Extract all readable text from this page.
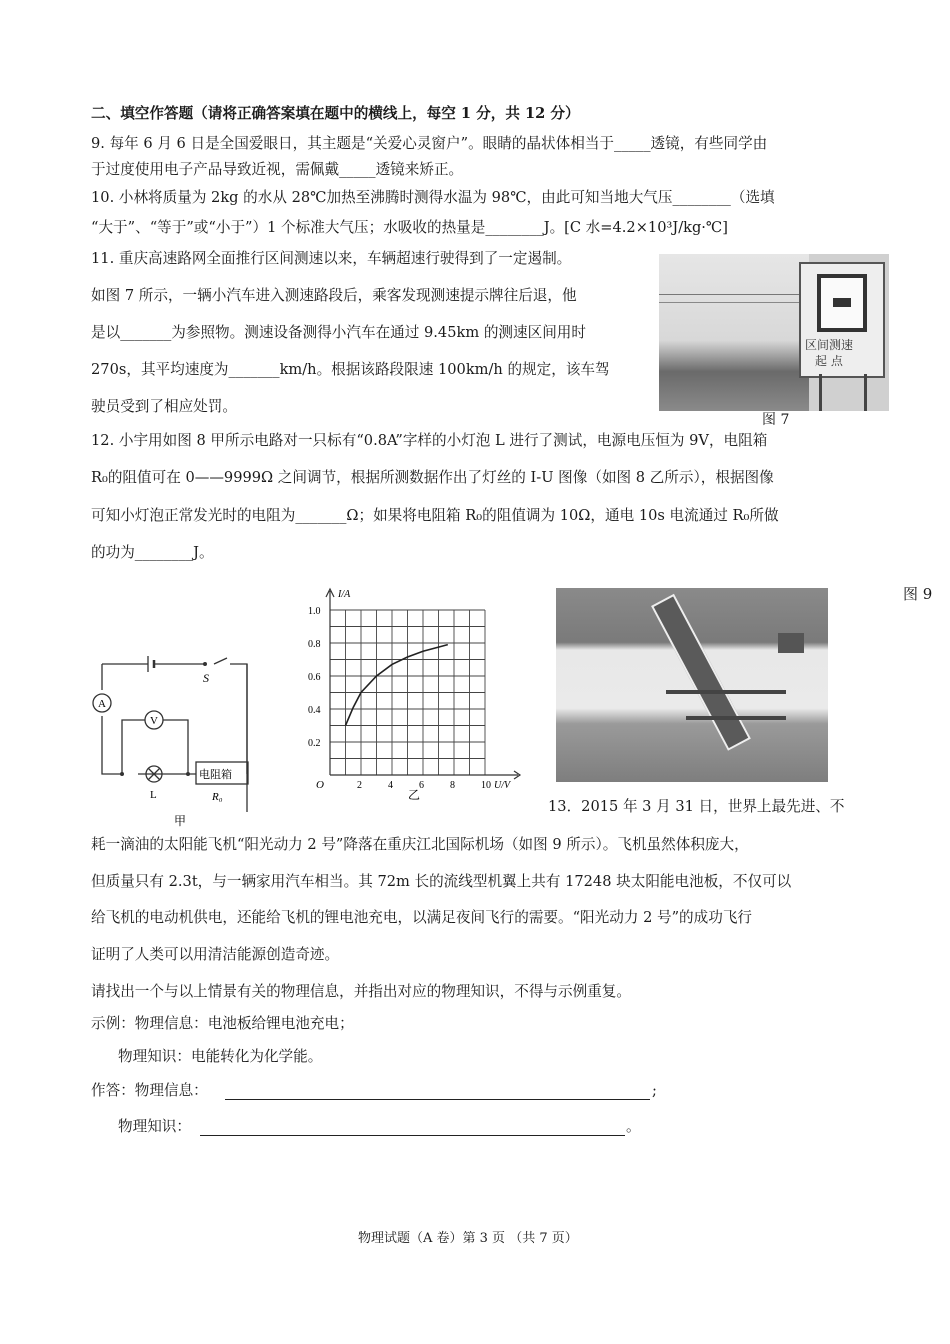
二、填空作答题（请将正确答案填在题中的横线上，每空 1 分，共 12 分）
9. 每年 6 月 6 日是全国爱眼日，其主题是“关爱心灵窗户”。眼睛的晶状体相当于_____透镜，有些同学由
于过度使用电子产品导致近视，需佩戴_____透镜来矫正。
10. 小林将质量为 2kg 的水从 28℃加热至沸腾时测得水温为 98℃，由此可知当地大气压________（选填
“大于”、“等于”或“小于”）1 个标准大气压；水吸收的热量是________J。[C 水=4.2×10³J/kg·℃]
11. 重庆高速路网全面推行区间测速以来，车辆超速行驶得到了一定遏制。
如图 7 所示，一辆小汽车进入测速路段后，乘客发现测速提示牌往后退，他
是以_______为参照物。测速设备测得小汽车在通过 9.45km 的测速区间用时
270s，其平均速度为_______km/h。根据该路段限速 100km/h 的规定，该车驾
驶员受到了相应处罚。
区间测速
起 点
图 7
12. 小宇用如图 8 甲所示电路对一只标有“0.8A”字样的小灯泡 L 进行了测试，电源电压恒为 9V，电阻箱
R₀的阻值可在 0——9999Ω 之间调节，根据所测数据作出了灯丝的 I-U 图像（如图 8 乙所示），根据图像
可知小灯泡正常发光时的电阻为_______Ω；如果将电阻箱 R₀的阻值调为 10Ω，通电 10s 电流通过 R₀所做
的功为________J。
S
A
V
L
电阻箱
R₀
甲
I/A
U/V
O	2	4	6	8	10
0.2
0.4
0.6
0.8
1.0
乙
图 9
13．2015 年 3 月 31 日，世界上最先进、不
耗一滴油的太阳能飞机“阳光动力 2 号”降落在重庆江北国际机场（如图 9 所示）。飞机虽然体积庞大，
但质量只有 2.3t，与一辆家用汽车相当。其 72m 长的流线型机翼上共有 17248 块太阳能电池板，不仅可以
给飞机的电动机供电，还能给飞机的锂电池充电，以满足夜间飞行的需要。“阳光动力 2 号”的成功飞行
证明了人类可以用清洁能源创造奇迹。
请找出一个与以上情景有关的物理信息，并指出对应的物理知识，不得与示例重复。
示例：物理信息：电池板给锂电池充电；
物理知识：电能转化为化学能。
作答：物理信息：	;
物理知识：	。
物理试题（A 卷）第 3 页 （共 7 页）
